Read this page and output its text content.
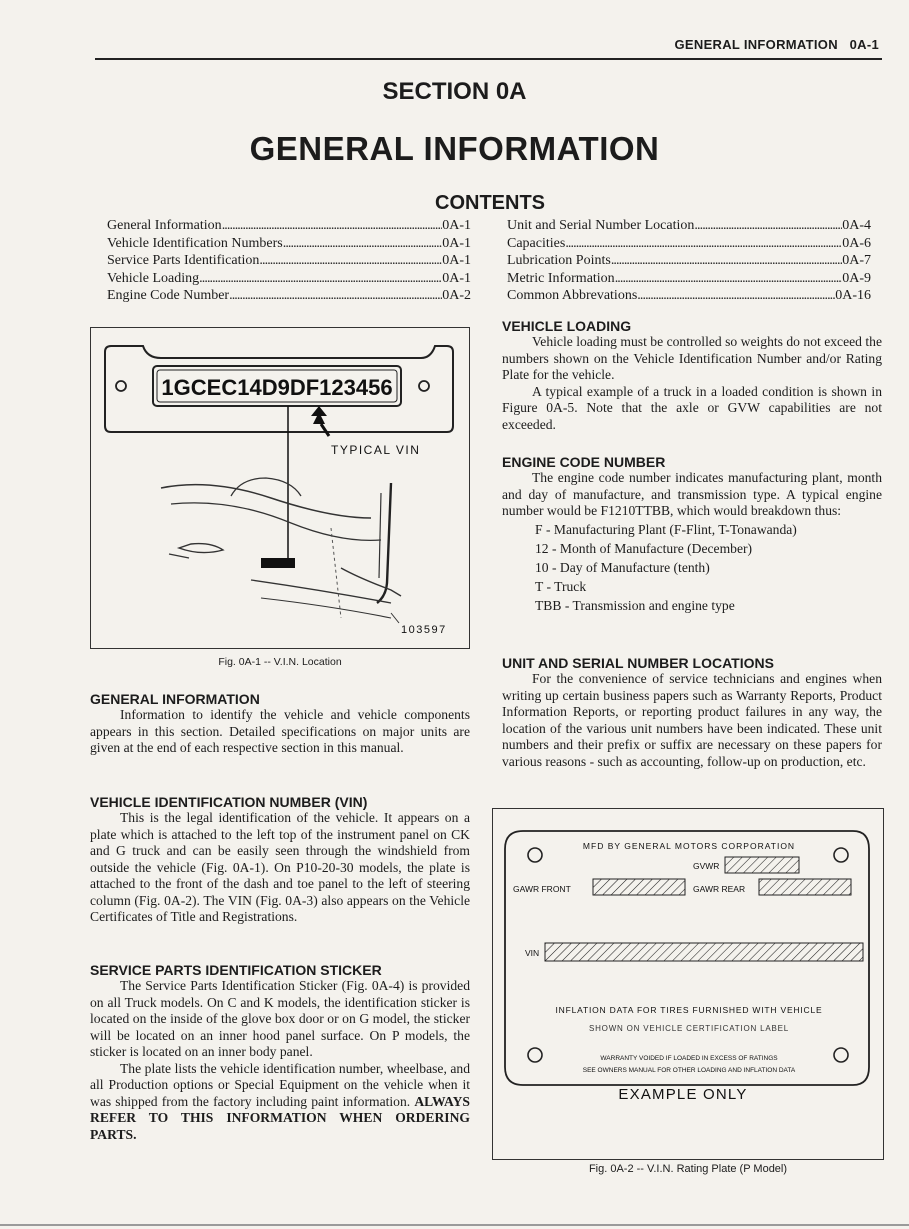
GENERAL INFORMATION   0A-1
SECTION 0A
GENERAL INFORMATION
CONTENTS
General Information . . .	0A-1
Vehicle Identification Numbers . . .	0A-1
Service Parts Identification . . .	0A-1
Vehicle Loading . . .	0A-1
Engine Code Number . . .	0A-2
Unit and Serial Number Location . . .	0A-4
Capacities . . .	0A-6
Lubrication Points . . .	0A-7
Metric Information . . .	0A-9
Common Abbrevations . . .	0A-16
1GCEC14D9DF123456
TYPICAL VIN
103597
Fig. 0A-1 -- V.I.N. Location
GENERAL INFORMATION

Information to identify the vehicle and vehicle components appears in this section. Detailed specifications on major units are given at the end of each respective section in this manual.

VEHICLE IDENTIFICATION NUMBER (VIN)

This is the legal identification of the vehicle. It appears on a plate which is attached to the left top of the instrument panel on CK and G truck and can be easily seen through the windshield from outside the vehicle (Fig. 0A-1). On P10-20-30 models, the plate is attached to the front of the dash and toe panel to the left of steering column (Fig. 0A-2). The VIN (Fig. 0A-3) also appears on the Vehicle Certificates of Title and Registrations.

SERVICE PARTS IDENTIFICATION STICKER

The Service Parts Identification Sticker (Fig. 0A-4) is provided on all Truck models. On C and K models, the identification sticker is located on the inside of the glove box door or on G model, the sticker will be located on an inner hood panel surface. On P models, the sticker is located on an inner body panel.

The plate lists the vehicle identification number, wheelbase, and all Production options or Special Equipment on the vehicle when it was shipped from the factory including paint information. ALWAYS REFER TO THIS INFORMATION WHEN ORDERING PARTS.

VEHICLE LOADING

Vehicle loading must be controlled so weights do not exceed the numbers shown on the Vehicle Identification Number and/or Rating Plate for the vehicle.

A typical example of a truck in a loaded condition is shown in Figure 0A-5. Note that the axle or GVW capabilities are not exceeded.

ENGINE CODE NUMBER

The engine code number indicates manufacturing plant, month and day of manufacture, and transmission type. A typical engine number would be F1210TTBB, which would breakdown thus:

F - Manufacturing Plant (F-Flint, T-Tonawanda)
12 - Month of Manufacture (December)
10 - Day of Manufacture (tenth)
T - Truck
TBB - Transmission and engine type
UNIT AND SERIAL NUMBER LOCATIONS

For the convenience of service technicians and engines when writing up certain business papers such as Warranty Reports, Product Information Reports, or reporting product failures in any way, the location of the various unit numbers have been indicated. These unit numbers and their prefix or suffix are necessary on these papers for various reasons - such as accounting, follow-up on production, etc.

MFD BY GENERAL MOTORS CORPORATION
GVWR
GAWR FRONT	GAWR REAR
VIN
INFLATION DATA FOR TIRES FURNISHED WITH VEHICLE
SHOWN ON VEHICLE CERTIFICATION LABEL
WARRANTY VOIDED IF LOADED IN EXCESS OF RATINGS
SEE OWNERS MANUAL FOR OTHER LOADING AND INFLATION DATA
EXAMPLE ONLY
Fig. 0A-2 -- V.I.N. Rating Plate (P Model)
